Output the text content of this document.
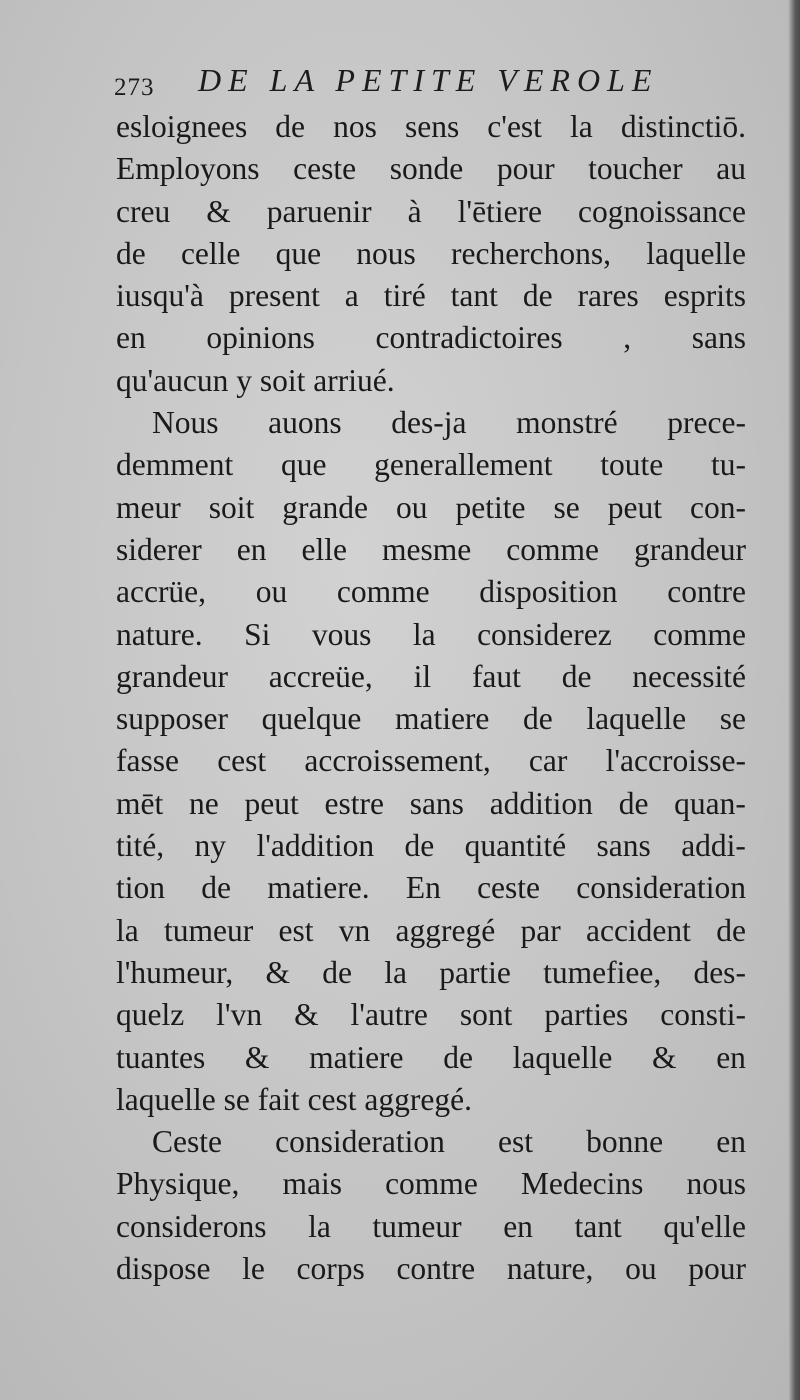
273 DE LA PETITE VEROLE
esloignees de nos sens c'est la distinctiō.
Employons ceste sonde pour toucher au
creu & paruenir à l'ētiere cognoissance
de celle que nous recherchons, laquelle
iusqu'à present a tiré tant de rares esprits
en opinions contradictoires , sans
qu'aucun y soit arriué.
Nous auons des-ja monstré prece-
demment que generallement toute tu-
meur soit grande ou petite se peut con-
siderer en elle mesme comme grandeur
accrüe, ou comme disposition contre
nature. Si vous la considerez comme
grandeur accreüe, il faut de necessité
supposer quelque matiere de laquelle se
fasse cest accroissement, car l'accroisse-
mēt ne peut estre sans addition de quan-
tité, ny l'addition de quantité sans addi-
tion de matiere. En ceste consideration
la tumeur est vn aggregé par accident de
l'humeur, & de la partie tumefiee, des-
quelz l'vn & l'autre sont parties consti-
tuantes & matiere de laquelle & en
laquelle se fait cest aggregé.
Ceste consideration est bonne en
Physique, mais comme Medecins nous
considerons la tumeur en tant qu'elle
dispose le corps contre nature, ou pour
